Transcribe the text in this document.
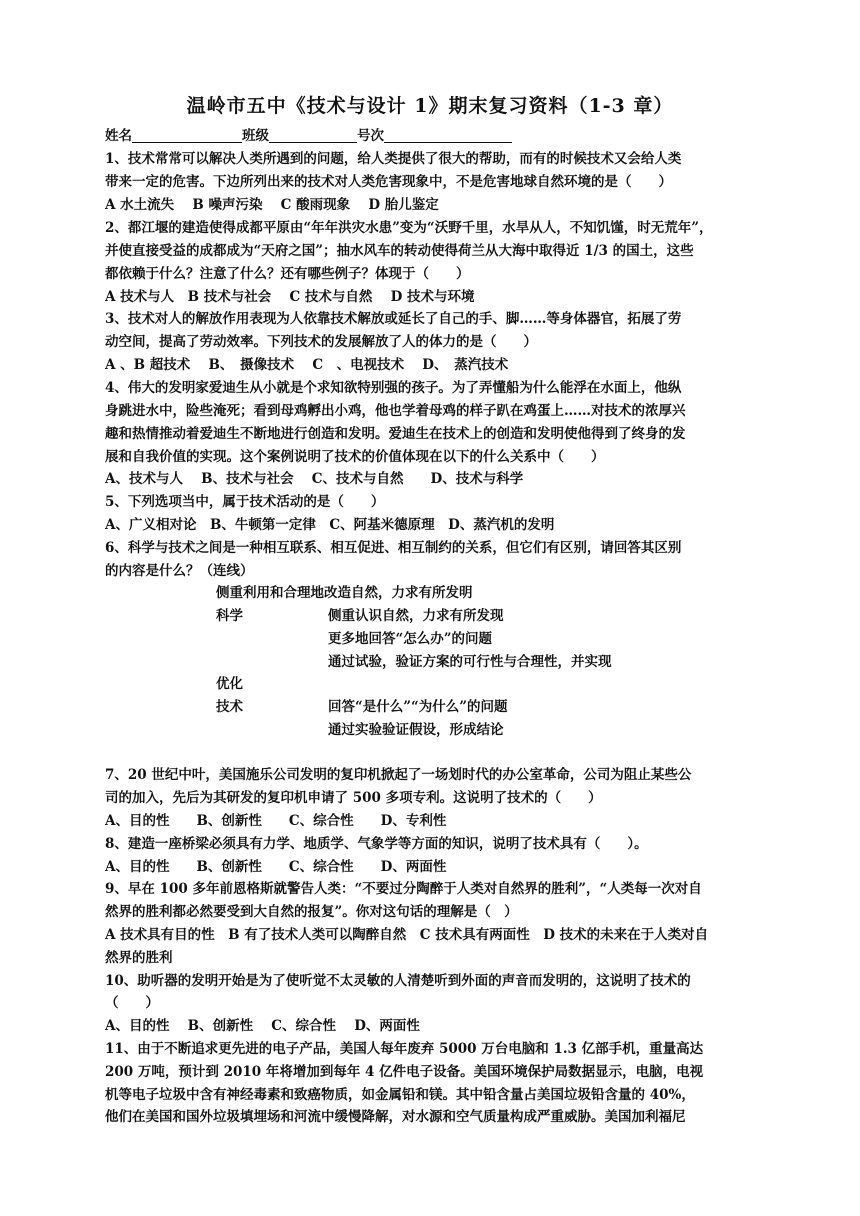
温岭市五中《技术与设计 1》期末复习资料（1-3 章）
姓名	班级	号次
1、技术常常可以解决人类所遇到的问题，给人类提供了很大的帮助，而有的时候技术又会给人类
带来一定的危害。下边所列出来的技术对人类危害现象中，不是危害地球自然环境的是（　　）
A 水土流失　 B 噪声污染　 C 酸雨现象　 D 胎儿鉴定
2、都江堰的建造使得成都平原由“年年洪灾水患”变为“沃野千里，水旱从人，不知饥馑，时无荒年”，
并使直接受益的成都成为“天府之国”；抽水风车的转动使得荷兰从大海中取得近 1/3 的国土，这些
都依赖于什么？注意了什么？还有哪些例子？体现于（　　）
A 技术与人　B 技术与社会　 C 技术与自然　 D 技术与环境
3、技术对人的解放作用表现为人依靠技术解放或延长了自己的手、脚……等身体器官，拓展了劳
动空间，提高了劳动效率。下列技术的发展解放了人的体力的是（　　）
A 、B 超技术　 B、　摄像技术　 C　、电视技术　 D、　蒸汽技术
4、伟大的发明家爱迪生从小就是个求知欲特别强的孩子。为了弄懂船为什么能浮在水面上，他纵
身跳进水中，险些淹死；看到母鸡孵出小鸡，他也学着母鸡的样子趴在鸡蛋上……对技术的浓厚兴
趣和热情推动着爱迪生不断地进行创造和发明。爱迪生在技术上的创造和发明使他得到了终身的发
展和自我价值的实现。这个案例说明了技术的价值体现在以下的什么关系中（　　）
A、技术与人　 B、技术与社会　 C、技术与自然　　D、技术与科学
5、下列选项当中，属于技术活动的是（　　）
A、广义相对论　B、牛顿第一定律　C、阿基米德原理　D、蒸汽机的发明
6、科学与技术之间是一种相互联系、相互促进、相互制约的关系，但它们有区别，请回答其区别
的内容是什么？（连线）
侧重利用和合理地改造自然，力求有所发明
科学	侧重认识自然，力求有所发现
更多地回答“怎么办”的问题
通过试验，验证方案的可行性与合理性，并实现
优化
技术	回答“是什么”“为什么”的问题
通过实验验证假设，形成结论
7、20 世纪中叶，美国施乐公司发明的复印机掀起了一场划时代的办公室革命，公司为阻止某些公
司的加入，先后为其研发的复印机申请了 500 多项专利。这说明了技术的（　　）
A、目的性　　B、创新性　　C、综合性　　D、专利性
8、建造一座桥梁必须具有力学、地质学、气象学等方面的知识，说明了技术具有（　　）。
A、目的性　　B、创新性　　C、综合性　　D、两面性
9、早在 100 多年前恩格斯就警告人类：“不要过分陶醉于人类对自然界的胜利”，“人类每一次对自
然界的胜利都必然要受到大自然的报复”。你对这句话的理解是（　）
A 技术具有目的性　B 有了技术人类可以陶醉自然　C 技术具有两面性　D 技术的未来在于人类对自
然界的胜利
10、助听器的发明开始是为了使听觉不太灵敏的人清楚听到外面的声音而发明的，这说明了技术的
（　　）
A、目的性　 B、创新性　 C、综合性　 D、两面性
11、由于不断追求更先进的电子产品，美国人每年废弃 5000 万台电脑和 1.3 亿部手机，重量高达
200 万吨，预计到 2010 年将增加到每年 4 亿件电子设备。美国环境保护局数据显示，电脑，电视
机等电子垃圾中含有神经毒素和致癌物质，如金属铅和镁。其中铅含量占美国垃圾铅含量的 40%，
他们在美国和国外垃圾填埋场和河流中缓慢降解，对水源和空气质量构成严重威胁。美国加利福尼
